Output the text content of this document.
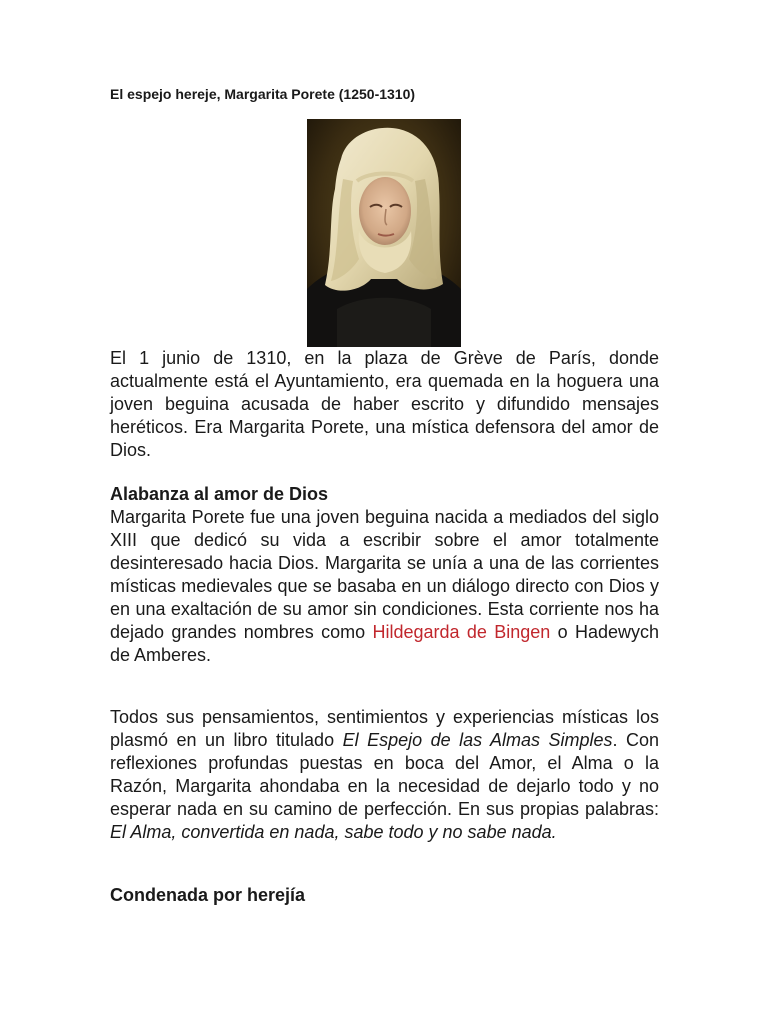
El espejo hereje, Margarita Porete (1250-1310)

El 1 junio de 1310, en la plaza de Grève de París, donde actualmente está el Ayuntamiento, era quemada en la hoguera una joven beguina acusada de haber escrito y difundido mensajes heréticos. Era Margarita Porete, una mística defensora del amor de Dios.

Alabanza al amor de Dios

Margarita Porete fue una joven beguina nacida a mediados del siglo XIII que dedicó su vida a escribir sobre el amor totalmente desinteresado hacia Dios. Margarita se unía a una de las corrientes místicas medievales que se basaba en un diálogo directo con Dios y en una exaltación de su amor sin condiciones. Esta corriente nos ha dejado grandes nombres como Hildegarda de Bingen o Hadewych de Amberes.

Todos sus pensamientos, sentimientos y experiencias místicas los plasmó en un libro titulado El Espejo de las Almas Simples. Con reflexiones profundas puestas en boca del Amor, el Alma o la Razón, Margarita ahondaba en la necesidad de dejarlo todo y no esperar nada en su camino de perfección. En sus propias palabras: El Alma, convertida en nada, sabe todo y no sabe nada.

Condenada por herejía
